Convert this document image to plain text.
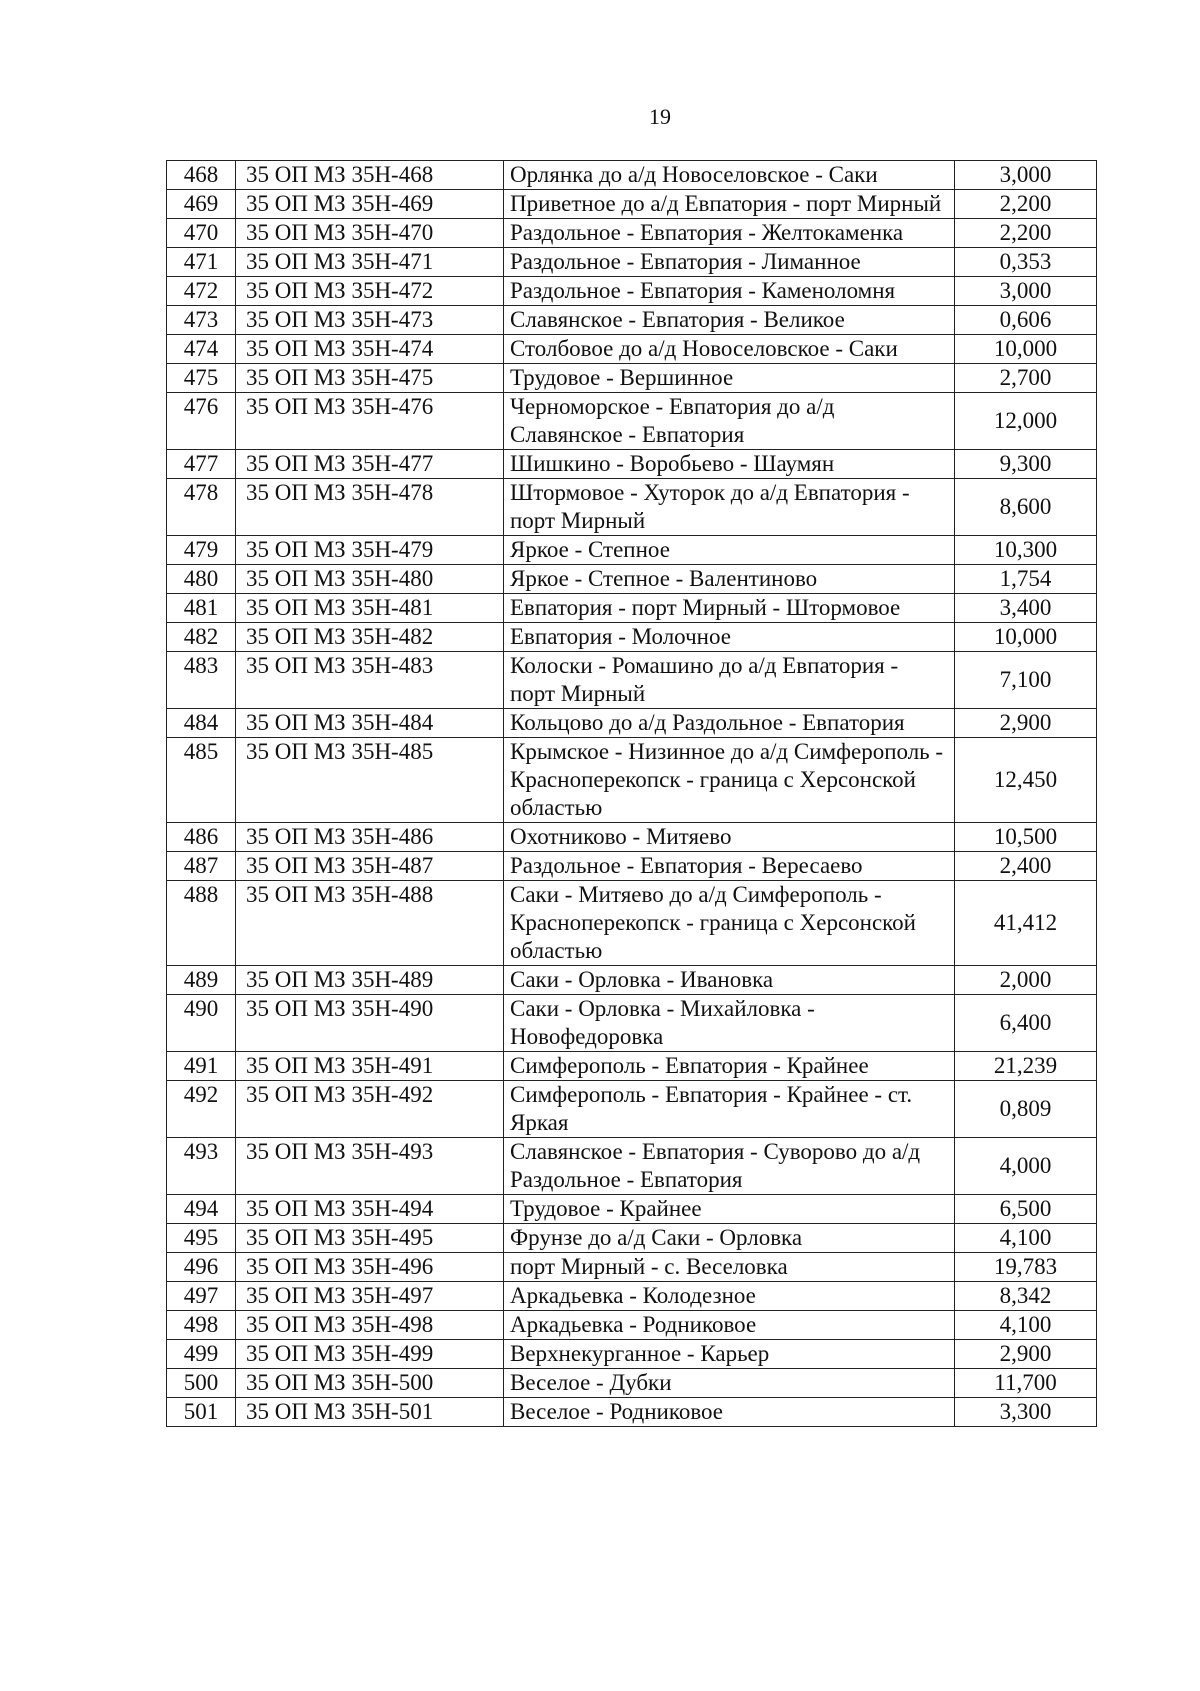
19
468	35 ОП МЗ 35Н-468	Орлянка до а/д Новоселовское - Саки	3,000
469	35 ОП МЗ 35Н-469	Приветное до а/д Евпатория - порт Мирный	2,200
470	35 ОП МЗ 35Н-470	Раздольное - Евпатория - Желтокаменка	2,200
471	35 ОП МЗ 35Н-471	Раздольное - Евпатория - Лиманное	0,353
472	35 ОП МЗ 35Н-472	Раздольное - Евпатория - Каменоломня	3,000
473	35 ОП МЗ 35Н-473	Славянское - Евпатория - Великое	0,606
474	35 ОП МЗ 35Н-474	Столбовое до а/д Новоселовское - Саки	10,000
475	35 ОП МЗ 35Н-475	Трудовое - Вершинное	2,700
476	35 ОП МЗ 35Н-476	Черноморское - Евпатория до а/д Славянское - Евпатория	12,000
477	35 ОП МЗ 35Н-477	Шишкино - Воробьево - Шаумян	9,300
478	35 ОП МЗ 35Н-478	Штормовое - Хуторок до а/д Евпатория - порт Мирный	8,600
479	35 ОП МЗ 35Н-479	Яркое - Степное	10,300
480	35 ОП МЗ 35Н-480	Яркое - Степное - Валентиново	1,754
481	35 ОП МЗ 35Н-481	Евпатория - порт Мирный - Штормовое	3,400
482	35 ОП МЗ 35Н-482	Евпатория - Молочное	10,000
483	35 ОП МЗ 35Н-483	Колоски - Ромашино до а/д Евпатория - порт Мирный	7,100
484	35 ОП МЗ 35Н-484	Кольцово до а/д Раздольное - Евпатория	2,900
485	35 ОП МЗ 35Н-485	Крымское - Низинное до а/д Симферополь - Красноперекопск - граница с Херсонской областью	12,450
486	35 ОП МЗ 35Н-486	Охотниково - Митяево	10,500
487	35 ОП МЗ 35Н-487	Раздольное - Евпатория - Вересаево	2,400
488	35 ОП МЗ 35Н-488	Саки - Митяево до а/д Симферополь - Красноперекопск - граница с Херсонской областью	41,412
489	35 ОП МЗ 35Н-489	Саки - Орловка - Ивановка	2,000
490	35 ОП МЗ 35Н-490	Саки - Орловка - Михайловка - Новофедоровка	6,400
491	35 ОП МЗ 35Н-491	Симферополь - Евпатория - Крайнее	21,239
492	35 ОП МЗ 35Н-492	Симферополь - Евпатория - Крайнее - ст. Яркая	0,809
493	35 ОП МЗ 35Н-493	Славянское - Евпатория - Суворово до а/д Раздольное - Евпатория	4,000
494	35 ОП МЗ 35Н-494	Трудовое - Крайнее	6,500
495	35 ОП МЗ 35Н-495	Фрунзе до а/д Саки - Орловка	4,100
496	35 ОП МЗ 35Н-496	порт Мирный - с. Веселовка	19,783
497	35 ОП МЗ 35Н-497	Аркадьевка - Колодезное	8,342
498	35 ОП МЗ 35Н-498	Аркадьевка - Родниковое	4,100
499	35 ОП МЗ 35Н-499	Верхнекурганное - Карьер	2,900
500	35 ОП МЗ 35Н-500	Веселое - Дубки	11,700
501	35 ОП МЗ 35Н-501	Веселое - Родниковое	3,300
